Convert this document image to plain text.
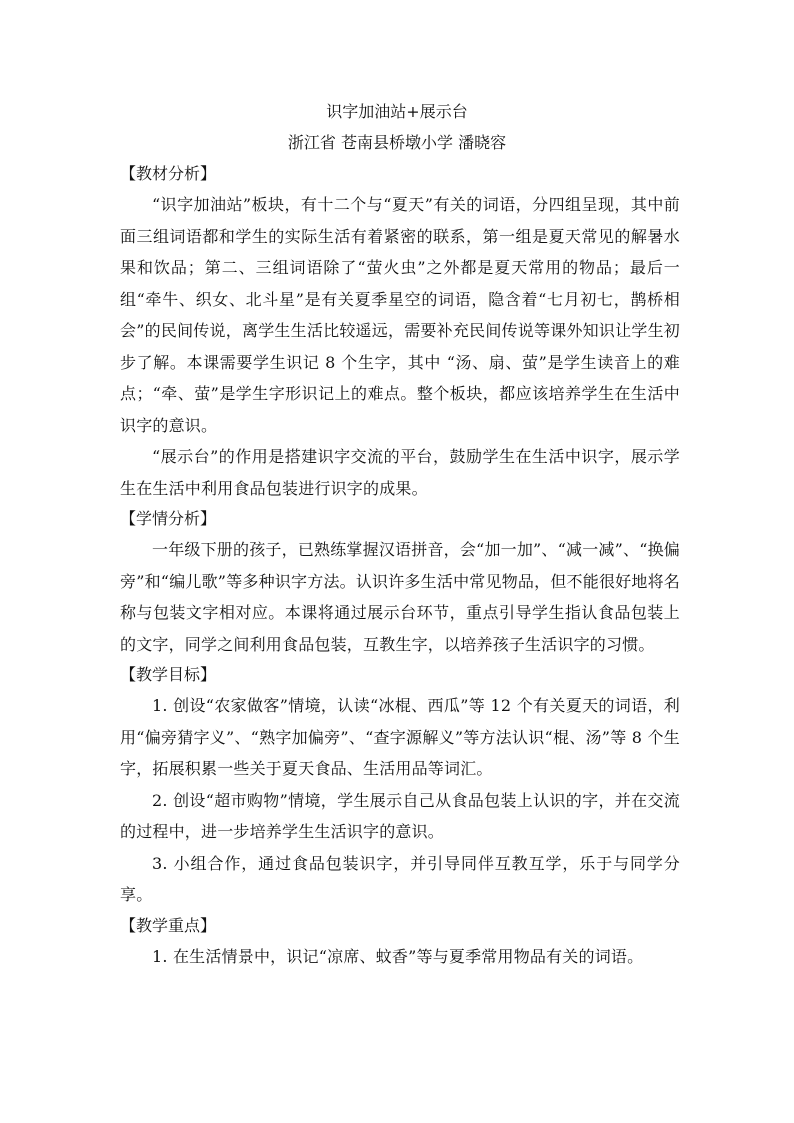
识字加油站+展示台
浙江省 苍南县桥墩小学 潘晓容
【教材分析】

“识字加油站”板块，有十二个与“夏天”有关的词语，分四组呈现，其中前面三组词语都和学生的实际生活有着紧密的联系，第一组是夏天常见的解暑水果和饮品；第二、三组词语除了“萤火虫”之外都是夏天常用的物品；最后一组“牵牛、织女、北斗星”是有关夏季星空的词语，隐含着“七月初七，鹊桥相会”的民间传说，离学生生活比较遥远，需要补充民间传说等课外知识让学生初步了解。本课需要学生识记 8 个生字，其中 “汤、扇、萤”是学生读音上的难点；“牵、萤”是学生字形识记上的难点。整个板块，都应该培养学生在生活中识字的意识。

“展示台”的作用是搭建识字交流的平台，鼓励学生在生活中识字，展示学生在生活中利用食品包装进行识字的成果。

【学情分析】

一年级下册的孩子，已熟练掌握汉语拼音，会“加一加”、“减一减”、“换偏旁”和“编儿歌”等多种识字方法。认识许多生活中常见物品，但不能很好地将名称与包装文字相对应。本课将通过展示台环节，重点引导学生指认食品包装上的文字，同学之间利用食品包装，互教生字，以培养孩子生活识字的习惯。

【教学目标】

1. 创设“农家做客”情境，认读“冰棍、西瓜”等 12 个有关夏天的词语，利用“偏旁猜字义”、“熟字加偏旁”、“查字源解义”等方法认识“棍、汤”等 8 个生字，拓展积累一些关于夏天食品、生活用品等词汇。

2. 创设“超市购物”情境，学生展示自己从食品包装上认识的字，并在交流的过程中，进一步培养学生生活识字的意识。

3. 小组合作，通过食品包装识字，并引导同伴互教互学，乐于与同学分享。

【教学重点】

1. 在生活情景中，识记“凉席、蚊香”等与夏季常用物品有关的词语。
